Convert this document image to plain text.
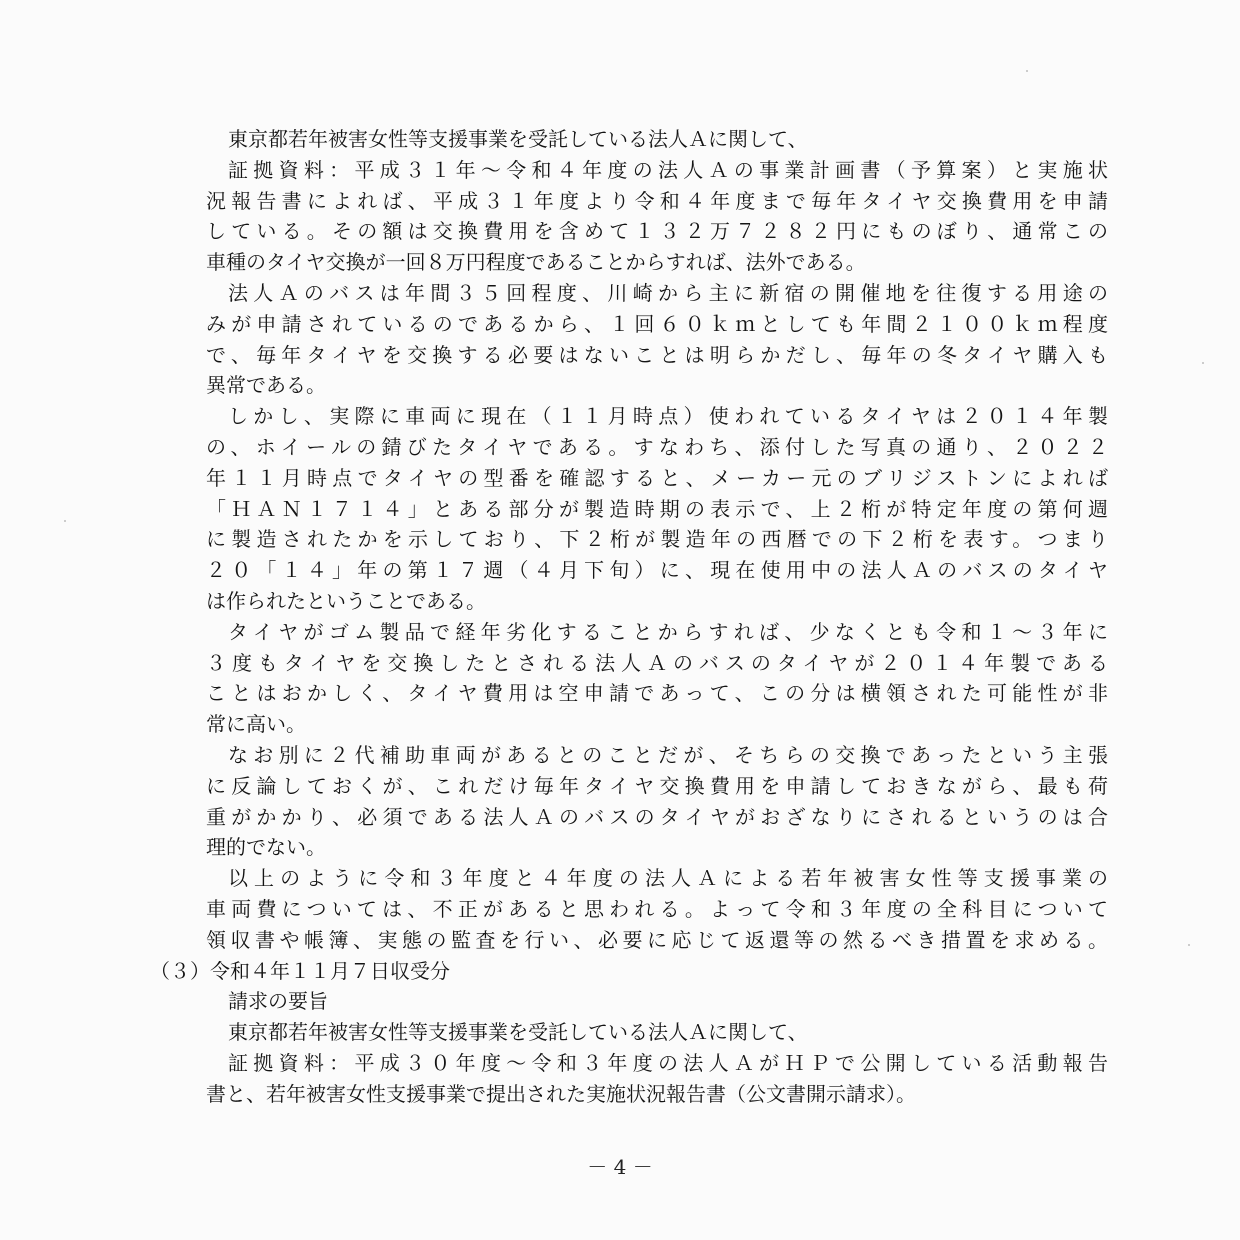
東京都若年被害女性等支援事業を受託している法人Ａに関して、
証拠資料：平成３１年～令和４年度の法人Ａの事業計画書（予算案）と実施状
況報告書によれば、平成３１年度より令和４年度まで毎年タイヤ交換費用を申請
している。その額は交換費用を含めて１３２万７２８２円にものぼり、通常この
車種のタイヤ交換が一回８万円程度であることからすれば、法外である。
法人Ａのバスは年間３５回程度、川崎から主に新宿の開催地を往復する用途の
みが申請されているのであるから、１回６０ｋｍとしても年間２１００ｋｍ程度
で、毎年タイヤを交換する必要はないことは明らかだし、毎年の冬タイヤ購入も
異常である。
しかし、実際に車両に現在（１１月時点）使われているタイヤは２０１４年製
の、ホイールの錆びたタイヤである。すなわち、添付した写真の通り、２０２２
年１１月時点でタイヤの型番を確認すると、メーカー元のブリジストンによれば
「ＨＡＮ１７１４」とある部分が製造時期の表示で、上２桁が特定年度の第何週
に製造されたかを示しており、下２桁が製造年の西暦での下２桁を表す。つまり
２０「１４」年の第１７週（４月下旬）に、現在使用中の法人Ａのバスのタイヤ
は作られたということである。
タイヤがゴム製品で経年劣化することからすれば、少なくとも令和１～３年に
３度もタイヤを交換したとされる法人Ａのバスのタイヤが２０１４年製である
ことはおかしく、タイヤ費用は空申請であって、この分は横領された可能性が非
常に高い。
なお別に２代補助車両があるとのことだが、そちらの交換であったという主張
に反論しておくが、これだけ毎年タイヤ交換費用を申請しておきながら、最も荷
重がかかり、必須である法人Ａのバスのタイヤがおざなりにされるというのは合
理的でない。
以上のように令和３年度と４年度の法人Ａによる若年被害女性等支援事業の
車両費については、不正があると思われる。よって令和３年度の全科目について
領収書や帳簿、実態の監査を行い、必要に応じて返還等の然るべき措置を求める。
（３）令和４年１１月７日収受分
請求の要旨
東京都若年被害女性等支援事業を受託している法人Ａに関して、
証拠資料：平成３０年度～令和３年度の法人ＡがＨＰで公開している活動報告
書と、若年被害女性支援事業で提出された実施状況報告書（公文書開示請求）。
－ 4 －
